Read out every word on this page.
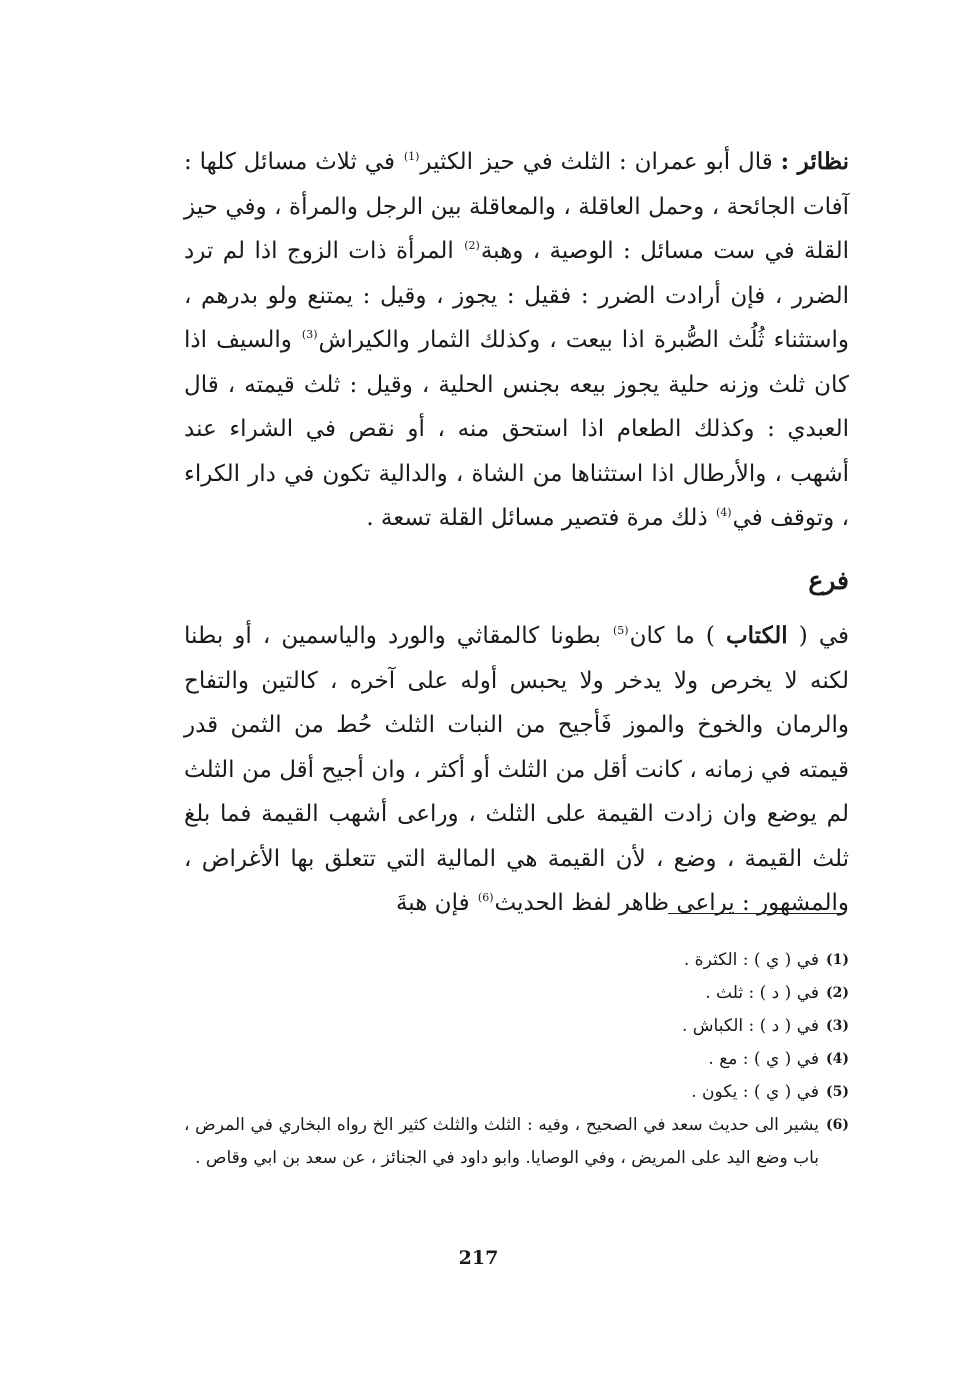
نظائر : قال أبو عمران : الثلث في حيز الكثير$^{(1)}$ في ثلاث مسائل كلها : آفات الجائحة ، وحمل العاقلة ، والمعاقلة بين الرجل والمرأة ، وفي حيز القلة في ست مسائل : الوصية ، وهبة$^{(2)}$ المرأة ذات الزوج اذا لم ترد الضرر ، فإن أرادت الضرر : فقيل : يجوز ، وقيل : يمتنع ولو بدرهم ، واستثناء ثُلُث الصُّبرة اذا بيعت ، وكذلك الثمار والكيراش$^{(3)}$ والسيف اذا كان ثلث وزنه حلية يجوز بيعه بجنس الحلية ، وقيل : ثلث قيمته ، قال العبدي : وكذلك الطعام اذا استحق منه ، أو نقص في الشراء عند أشهب ، والأرطال اذا استثناها من الشاة ، والدالية تكون في دار الكراء ، وتوقف في$^{(4)}$ ذلك مرة فتصير مسائل القلة تسعة .
فرع
في ( الكتاب ) ما كان$^{(5)}$ بطونا كالمقاثي والورد والياسمين ، أو بطنا لكنه لا يخرص ولا يدخر ولا يحبس أوله على آخره ، كالتين والتفاح والرمان والخوخ والموز فَأجيح من النبات الثلث حُط من الثمن قدر قيمته في زمانه ، كانت أقل من الثلث أو أكثر ، وان أجيح أقل من الثلث لم يوضع وان زادت القيمة على الثلث ، وراعى أشهب القيمة فما بلغ ثلث القيمة ، وضع ، لأن القيمة هي المالية التي تتعلق بها الأغراض ، والمشهور : يراعى ظاهر لفظ الحديث$^{(6)}$ فإن هبةَ
(1)
في ( ي ) : الكثرة .
(2)
في ( د ) : ثلث .
(3)
في ( د ) : الكباش .
(4)
في ( ي ) : مع .
(5)
في ( ي ) : يكون .
(6)
يشير الى حديث سعد في الصحيح ، وفيه : الثلث والثلث كثير الخ رواه البخاري في المرض ، باب وضع اليد على المريض ، وفي الوصايا. وابو داود في الجنائز ، عن سعد بن ابي وقاص .
217
